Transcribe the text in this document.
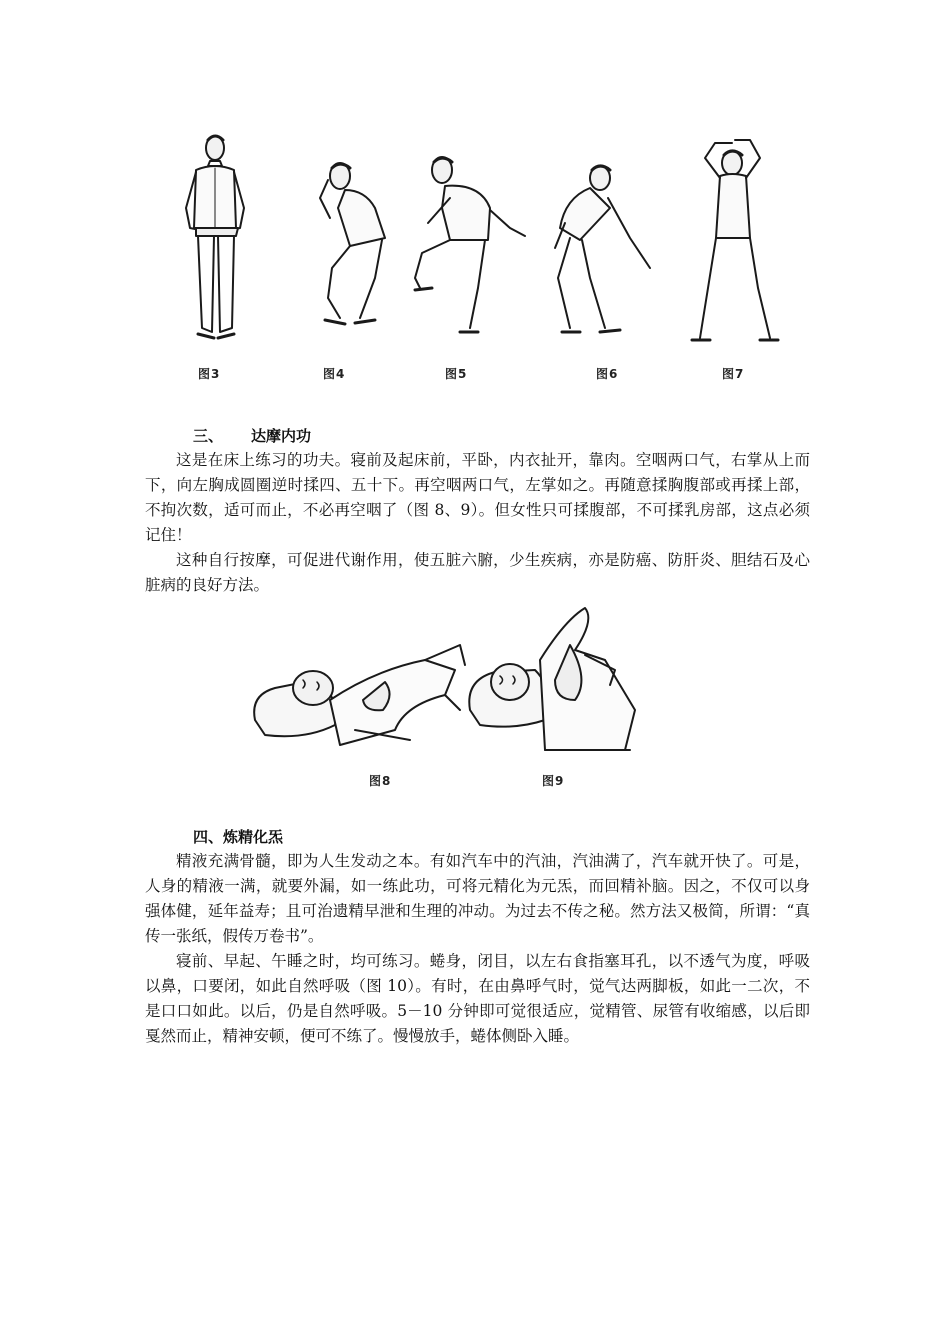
图3	图4	图5	图6	图7
三、 达摩内功

这是在床上练习的功夫。寝前及起床前，平卧，内衣扯开，靠肉。空咽两口气，右掌从上而下，向左胸成圆圈逆时揉四、五十下。再空咽两口气，左掌如之。再随意揉胸腹部或再揉上部，不拘次数，适可而止，不必再空咽了（图 8、9）。但女性只可揉腹部，不可揉乳房部，这点必须记住！

这种自行按摩，可促进代谢作用，使五脏六腑，少生疾病，亦是防癌、防肝炎、胆结石及心脏病的良好方法。

图8	图9
四、炼精化炁

精液充满骨髓，即为人生发动之本。有如汽车中的汽油，汽油满了，汽车就开快了。可是，人身的精液一满，就要外漏，如一练此功，可将元精化为元炁，而回精补脑。因之，不仅可以身强体健，延年益寿；且可治遗精早泄和生理的冲动。为过去不传之秘。然方法又极简，所谓：“真传一张纸，假传万卷书”。

寝前、早起、午睡之时，均可练习。蜷身，闭目，以左右食指塞耳孔，以不透气为度，呼吸以鼻，口要闭，如此自然呼吸（图 10）。有时，在由鼻呼气时，觉气达两脚板，如此一二次，不是口口如此。以后，仍是自然呼吸。5－10 分钟即可觉很适应，觉精管、尿管有收缩感，以后即戛然而止，精神安顿，便可不练了。慢慢放手，蜷体侧卧入睡。
